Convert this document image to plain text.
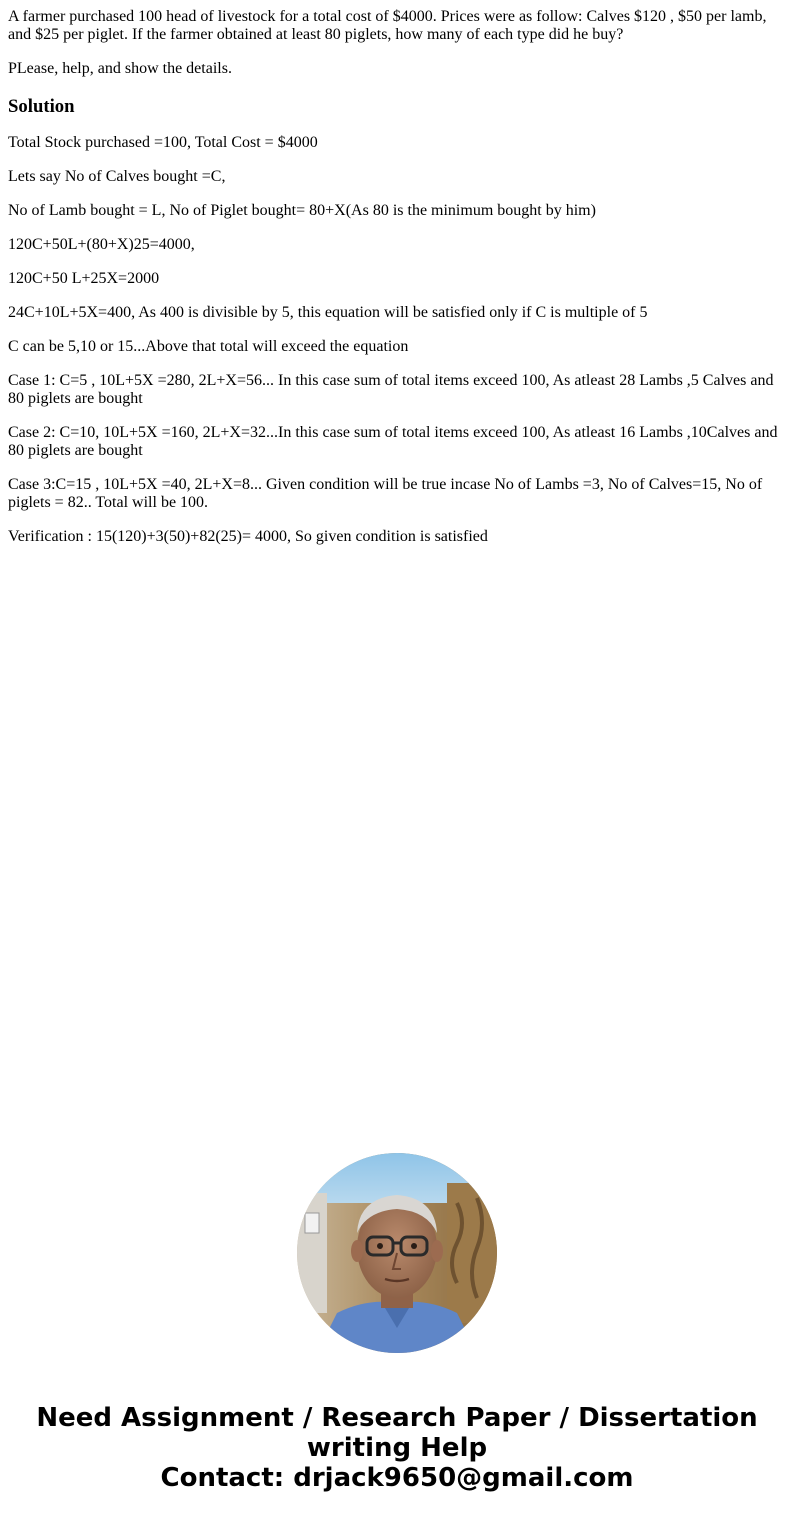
A farmer purchased 100 head of livestock for a total cost of $4000. Prices were as follow: Calves $120 , $50 per lamb, and $25 per piglet. If the farmer obtained at least 80 piglets, how many of each type did he buy?

PLease, help, and show the details.

Solution

Total Stock purchased =100, Total Cost = $4000

Lets say No of Calves bought =C,

No of Lamb bought = L, No of Piglet bought= 80+X(As 80 is the minimum bought by him)

120C+50L+(80+X)25=4000,

120C+50 L+25X=2000

24C+10L+5X=400, As 400 is divisible by 5, this equation will be satisfied only if C is multiple of 5

C can be 5,10 or 15...Above that total will exceed the equation

Case 1: C=5 , 10L+5X =280, 2L+X=56... In this case sum of total items exceed 100, As atleast 28 Lambs ,5 Calves and 80 piglets are bought

Case 2: C=10, 10L+5X =160, 2L+X=32...In this case sum of total items exceed 100, As atleast 16 Lambs ,10Calves and 80 piglets are bought

Case 3:C=15 , 10L+5X =40, 2L+X=8... Given condition will be true incase No of Lambs =3, No of Calves=15, No of piglets = 82.. Total will be 100.

Verification : 15(120)+3(50)+82(25)= 4000, So given condition is satisfied

Need Assignment / Research Paper / Dissertation
writing Help
Contact: drjack9650@gmail.com
